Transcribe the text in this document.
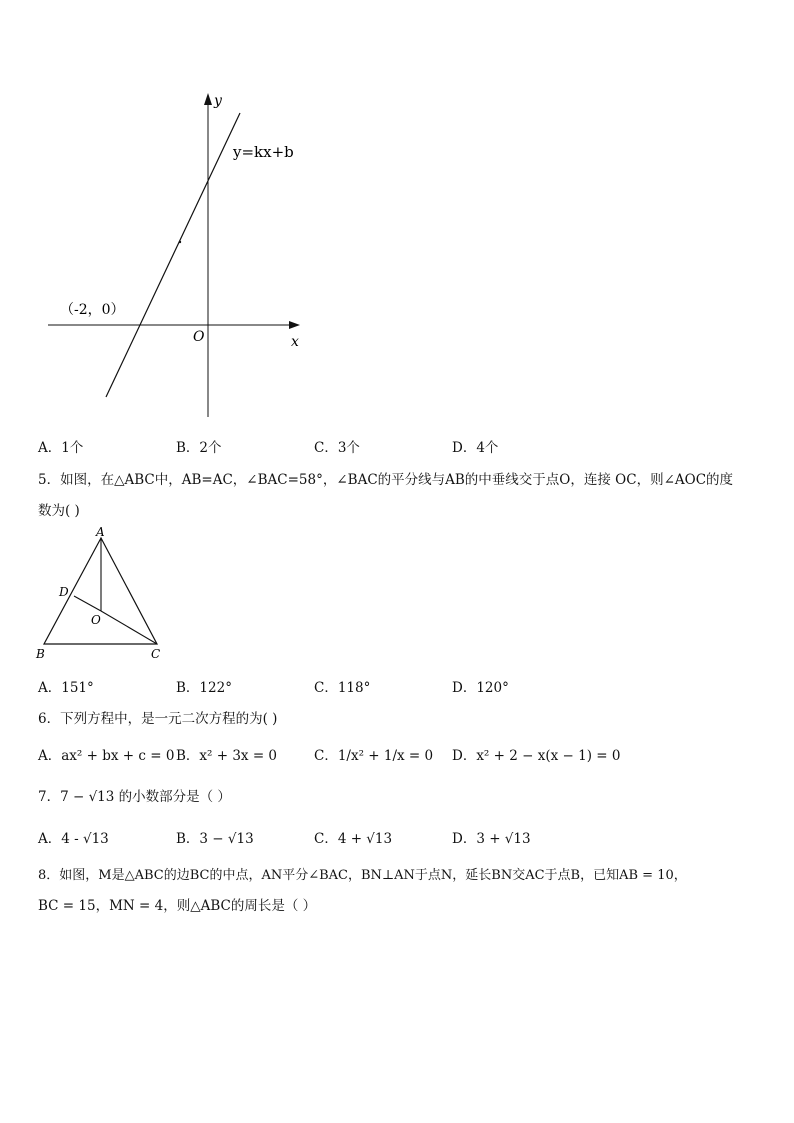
y
x
O
y=kx+b
（-2，0）
A．1个	B．2个	C．3个	D．4个
5．如图，在△ABC中，AB=AC，∠BAC=58°，∠BAC的平分线与AB的中垂线交于点O，连接 OC，则∠AOC的度
数为( )
A
D
O
B	C
A．151°	B．122°	C．118°	D．120°
6．下列方程中，是一元二次方程的为( )
A．ax² + bx + c = 0 B．x² + 3x = 0	C．1/x² + 1/x = 0 D．x² + 2 − x(x − 1) = 0
7．7 − √13 的小数部分是（ ）
A．4 - √13	B．3 − √13	C．4 + √13	D．3 + √13
8．如图，M是△ABC的边BC的中点，AN平分∠BAC，BN⊥AN于点N，延长BN交AC于点B，已知AB = 10，
BC = 15，MN = 4，则△ABC的周长是（ ）
